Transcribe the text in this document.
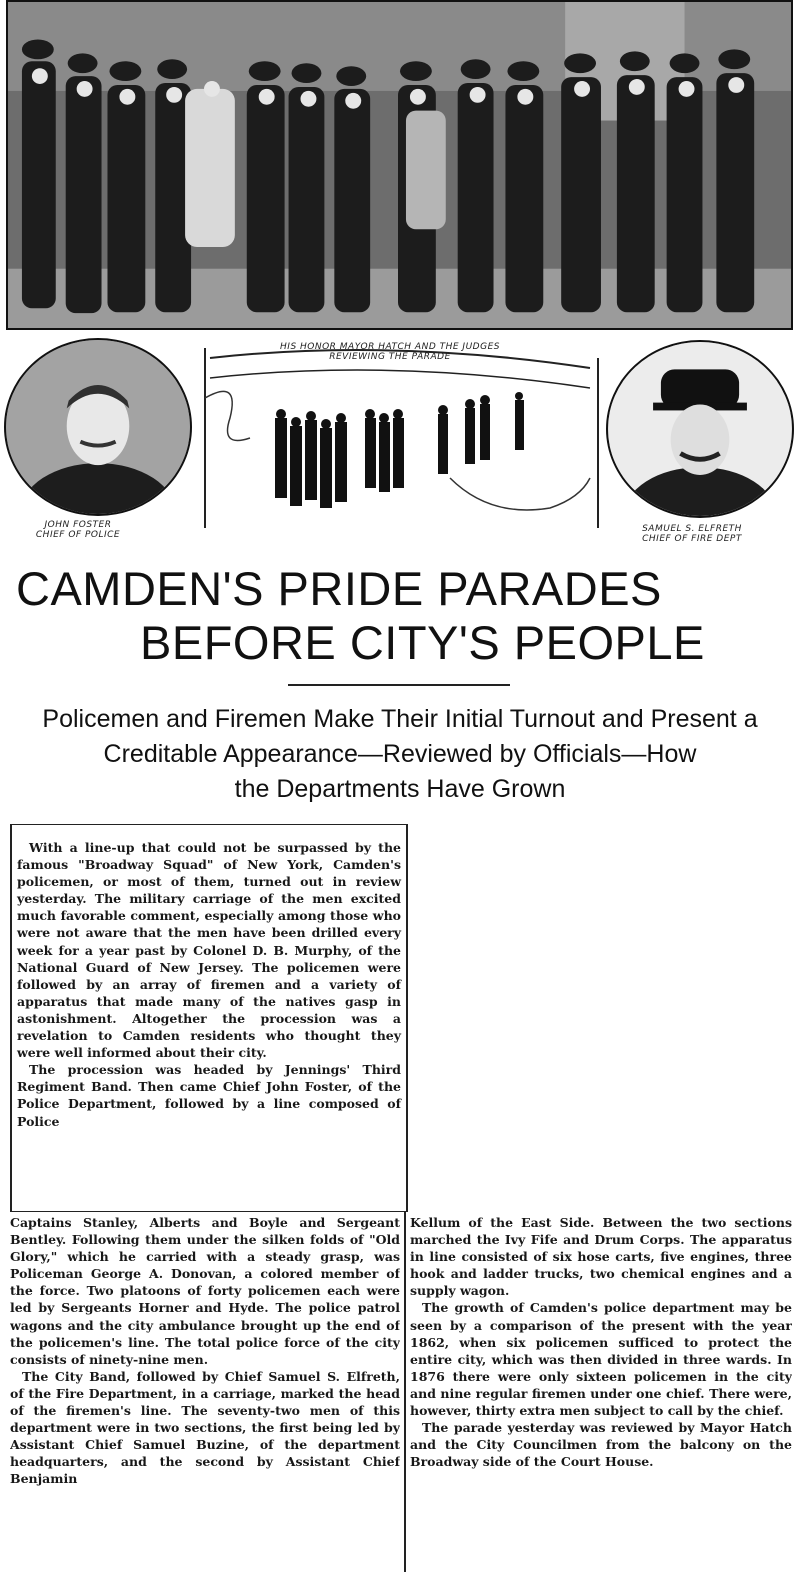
JOHN FOSTER
CHIEF OF POLICE
HIS HONOR MAYOR HATCH AND THE JUDGES
REVIEWING THE PARADE
SAMUEL S. ELFRETH
CHIEF OF FIRE DEPT
CAMDEN'S PRIDE PARADES
BEFORE CITY'S PEOPLE
Policemen and Firemen Make Their Initial Turnout and Present a
Creditable Appearance—Reviewed by Officials—How
the Departments Have Grown

With a line-up that could not be surpassed by the famous "Broadway Squad" of New York, Camden's policemen, or most of them, turned out in review yesterday. The military carriage of the men excited much favorable comment, especially among those who were not aware that the men have been drilled every week for a year past by Colonel D. B. Murphy, of the National Guard of New Jersey. The policemen were followed by an array of firemen and a variety of apparatus that made many of the natives gasp in astonishment. Altogether the procession was a revelation to Camden residents who thought they were well informed about their city.

The procession was headed by Jennings' Third Regiment Band. Then came Chief John Foster, of the Police Department, followed by a line composed of Police

Captains Stanley, Alberts and Boyle and Sergeant Bentley. Following them under the silken folds of "Old Glory," which he carried with a steady grasp, was Policeman George A. Donovan, a colored member of the force. Two platoons of forty policemen each were led by Sergeants Horner and Hyde. The police patrol wagons and the city ambulance brought up the end of the policemen's line. The total police force of the city consists of ninety-nine men.

The City Band, followed by Chief Samuel S. Elfreth, of the Fire Department, in a carriage, marked the head of the firemen's line. The seventy-two men of this department were in two sections, the first being led by Assistant Chief Samuel Buzine, of the department headquarters, and the second by Assistant Chief Benjamin

Kellum of the East Side. Between the two sections marched the Ivy Fife and Drum Corps. The apparatus in line consisted of six hose carts, five engines, three hook and ladder trucks, two chemical engines and a supply wagon.

The growth of Camden's police department may be seen by a comparison of the present with the year 1862, when six policemen sufficed to protect the entire city, which was then divided in three wards. In 1876 there were only sixteen policemen in the city and nine regular firemen under one chief. There were, however, thirty extra men subject to call by the chief.

The parade yesterday was reviewed by Mayor Hatch and the City Councilmen from the balcony on the Broadway side of the Court House.
